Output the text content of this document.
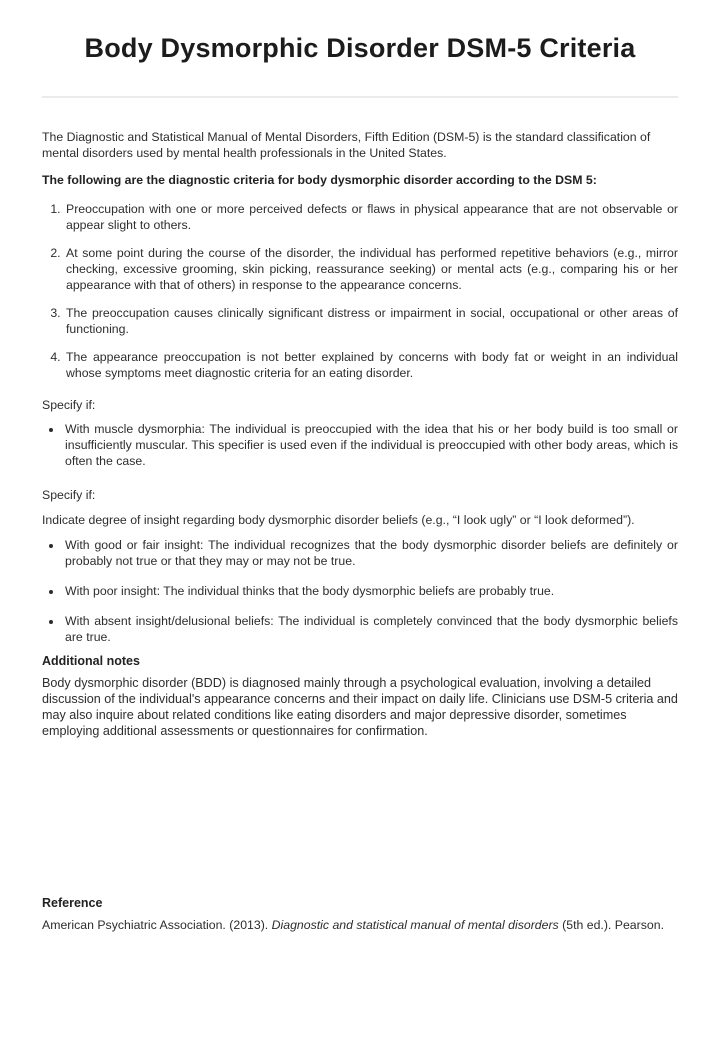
Body Dysmorphic Disorder DSM-5 Criteria

The Diagnostic and Statistical Manual of Mental Disorders, Fifth Edition (DSM-5) is the standard classification of mental disorders used by mental health professionals in the United States.

The following are the diagnostic criteria for body dysmorphic disorder according to the DSM 5:

1. Preoccupation with one or more perceived defects or flaws in physical appearance that are not observable or appear slight to others.
2. At some point during the course of the disorder, the individual has performed repetitive behaviors (e.g., mirror checking, excessive grooming, skin picking, reassurance seeking) or mental acts (e.g., comparing his or her appearance with that of others) in response to the appearance concerns.
3. The preoccupation causes clinically significant distress or impairment in social, occupational or other areas of functioning.
4. The appearance preoccupation is not better explained by concerns with body fat or weight in an individual whose symptoms meet diagnostic criteria for an eating disorder.

Specify if:

• With muscle dysmorphia: The individual is preoccupied with the idea that his or her body build is too small or insufficiently muscular. This specifier is used even if the individual is preoccupied with other body areas, which is often the case.

Specify if:

Indicate degree of insight regarding body dysmorphic disorder beliefs (e.g., “I look ugly” or “I look deformed”).

• With good or fair insight: The individual recognizes that the body dysmorphic disorder beliefs are definitely or probably not true or that they may or may not be true.
• With poor insight: The individual thinks that the body dysmorphic beliefs are probably true.
• With absent insight/delusional beliefs: The individual is completely convinced that the body dysmorphic beliefs are true.

Additional notes

Body dysmorphic disorder (BDD) is diagnosed mainly through a psychological evaluation, involving a detailed discussion of the individual's appearance concerns and their impact on daily life. Clinicians use DSM-5 criteria and may also inquire about related conditions like eating disorders and major depressive disorder, sometimes employing additional assessments or questionnaires for confirmation.

Reference

American Psychiatric Association. (2013). Diagnostic and statistical manual of mental disorders (5th ed.). Pearson.
